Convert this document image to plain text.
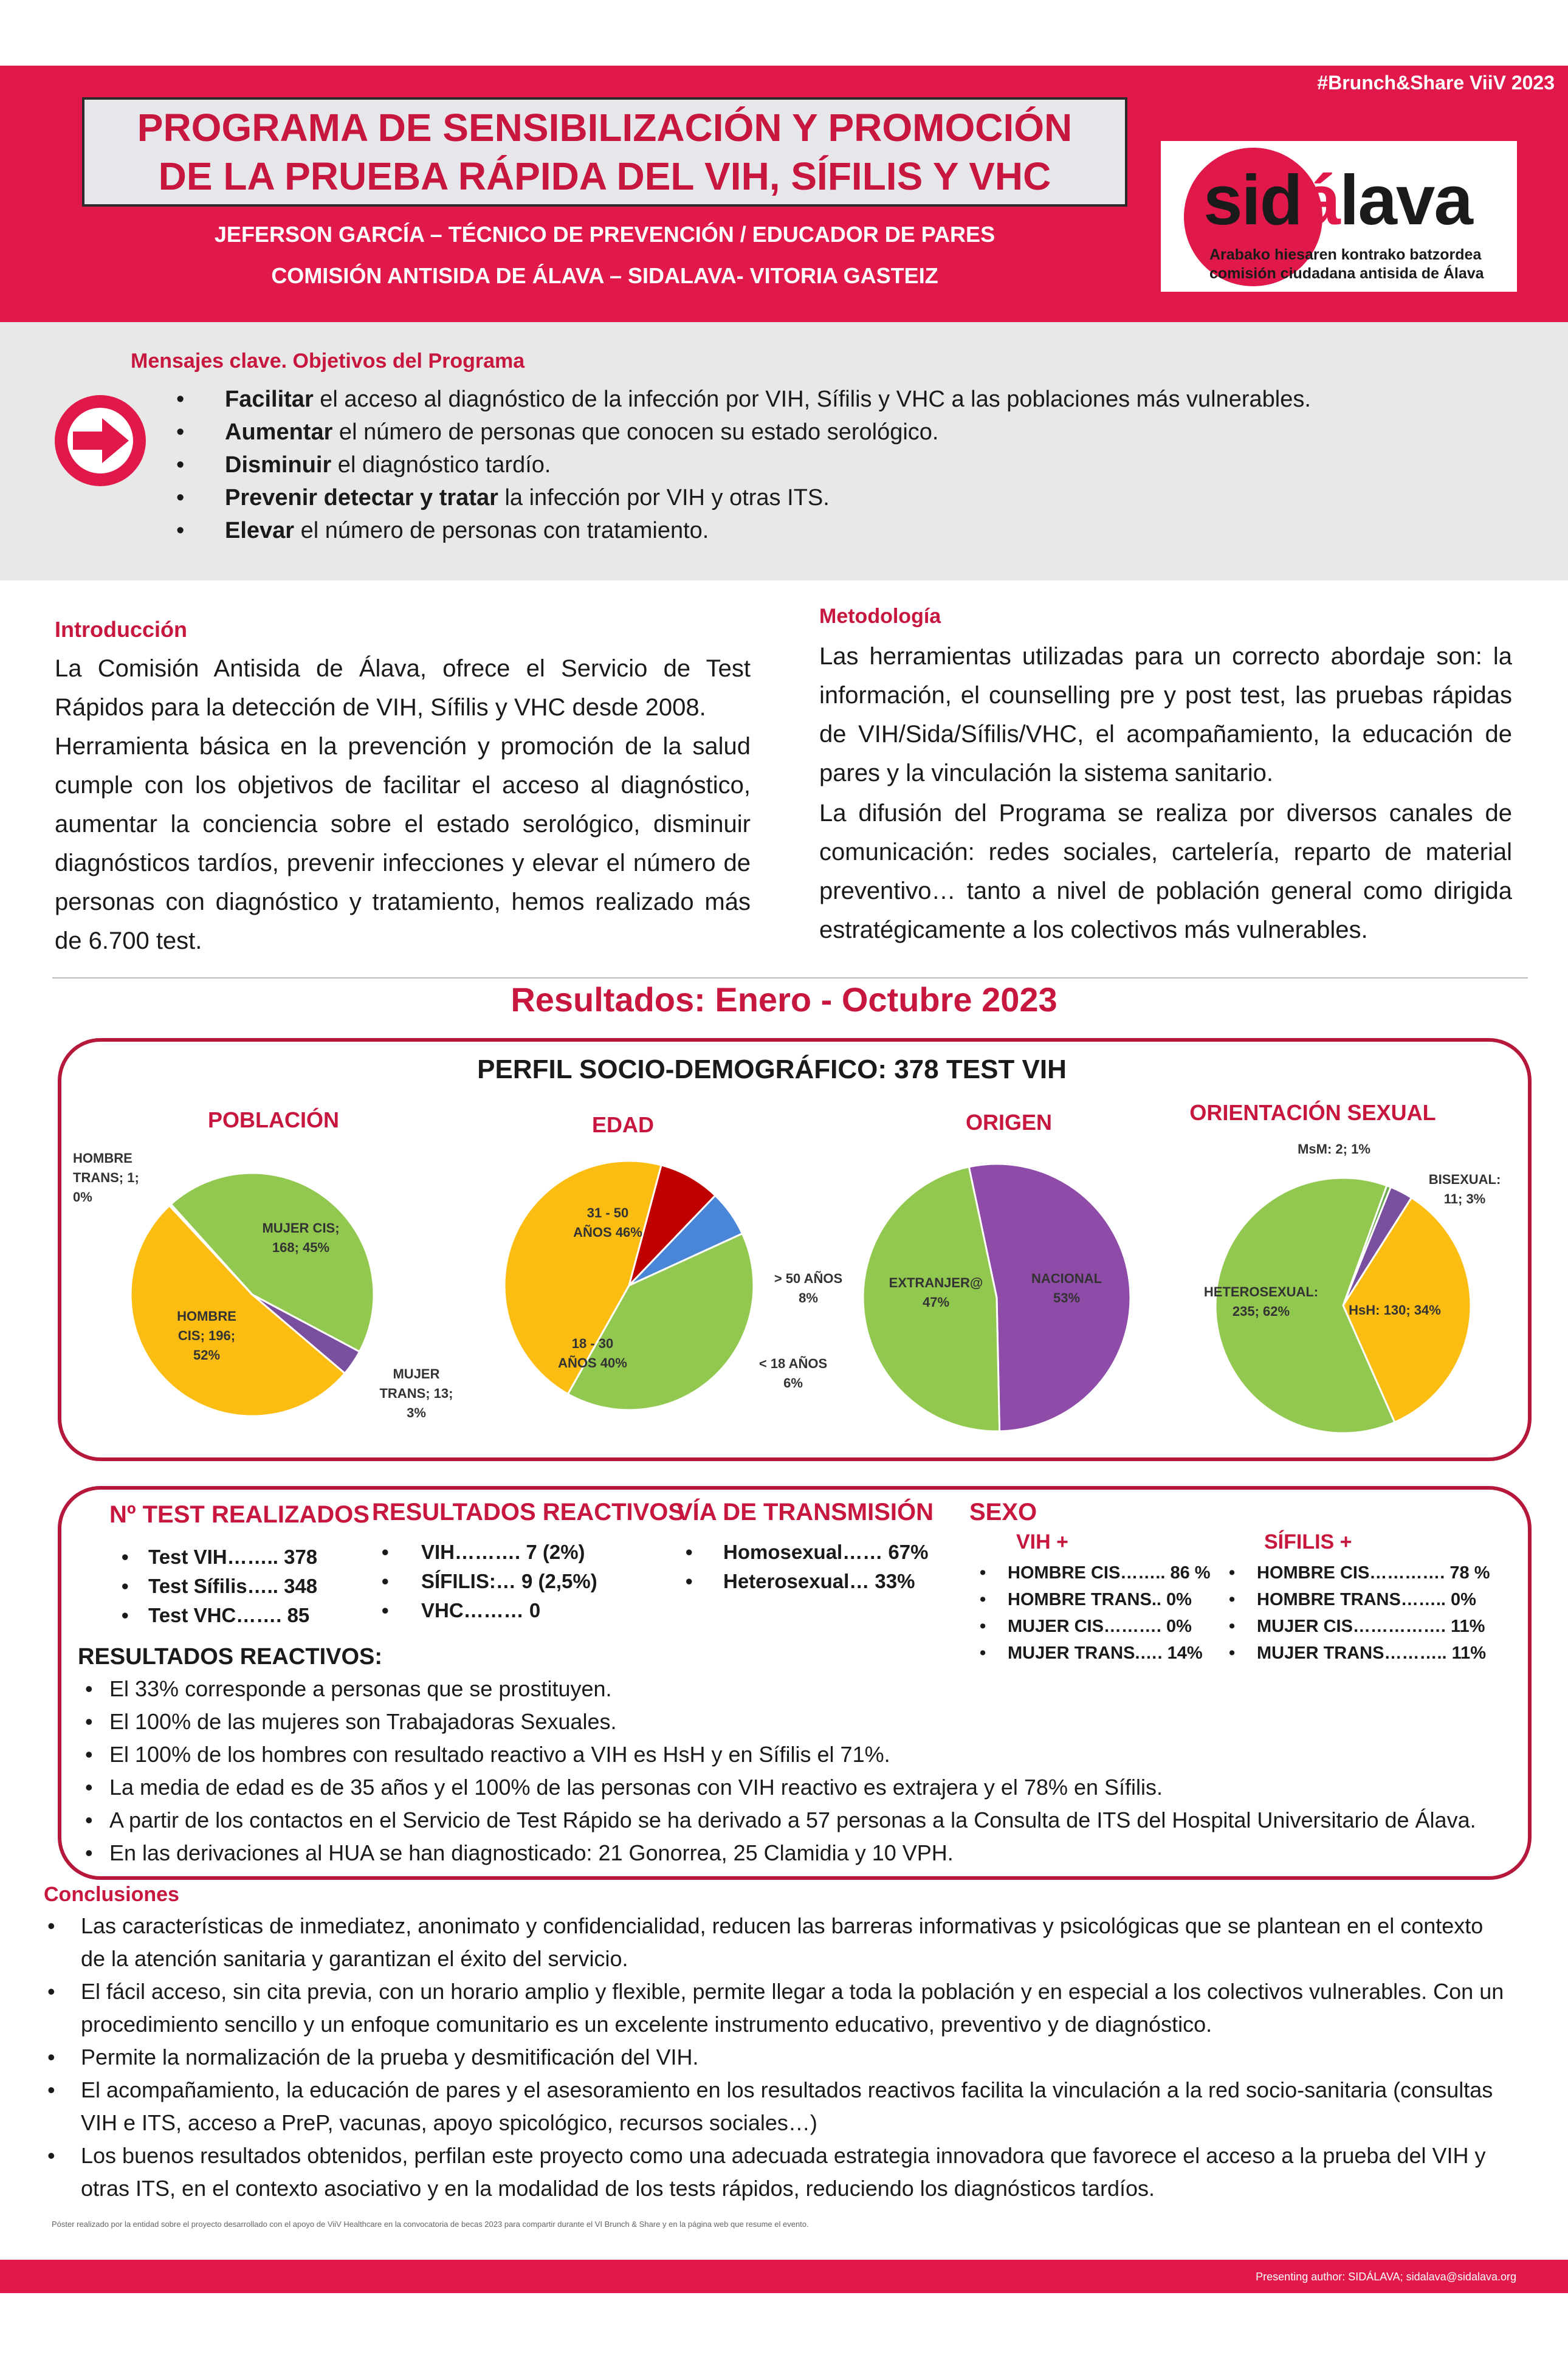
#Brunch&Share ViiV 2023
PROGRAMA DE SENSIBILIZACIÓN Y PROMOCIÓN
DE LA PRUEBA RÁPIDA DEL VIH, SÍFILIS Y VHC
JEFERSON GARCÍA – TÉCNICO DE PREVENCIÓN / EDUCADOR DE PARES
COMISIÓN ANTISIDA DE ÁLAVA – SIDALAVA- VITORIA GASTEIZ
sidálava
Arabako hiesaren kontrako batzordea
comisión ciudadana antisida de Álava
Mensajes clave. Objetivos del Programa
• Facilitar el acceso al diagnóstico de la infección por VIH, Sífilis y VHC a las poblaciones más vulnerables.
• Aumentar el número de personas que conocen su estado serológico.
• Disminuir el diagnóstico tardío.
• Prevenir detectar y tratar la infección por VIH y otras ITS.
• Elevar el número de personas con tratamiento.
Introducción
La Comisión Antisida de Álava, ofrece el Servicio de Test Rápidos para la detección de VIH, Sífilis y VHC desde 2008.
Herramienta básica en la prevención y promoción de la salud cumple con los objetivos de facilitar el acceso al diagnóstico, aumentar la conciencia sobre el estado serológico, disminuir diagnósticos tardíos, prevenir infecciones y elevar el número de personas con diagnóstico y tratamiento, hemos realizado más de 6.700 test.
Metodología
Las herramientas utilizadas para un correcto abordaje son: la información, el counselling pre y post test, las pruebas rápidas de VIH/Sida/Sífilis/VHC, el acompañamiento, la educación de pares y la vinculación la sistema sanitario.
La difusión del Programa se realiza por diversos canales de comunicación: redes sociales, cartelería, reparto de material preventivo… tanto a nivel de población general como dirigida estratégicamente a los colectivos más vulnerables.
Resultados: Enero - Octubre 2023
PERFIL SOCIO-DEMOGRÁFICO: 378 TEST VIH
POBLACIÓN	EDAD	ORIGEN	ORIENTACIÓN SEXUAL
HOMBRE TRANS; 1; 0%
MUJER CIS; 168; 45%
HOMBRE CIS; 196; 52%
MUJER TRANS; 13; 3%
31 - 50 AÑOS 46%
> 50 AÑOS 8%
< 18 AÑOS 6%
18 - 30 AÑOS 40%
EXTRANJER@ 47%
NACIONAL 53%
MsM: 2; 1%
BISEXUAL: 11; 3%
HsH: 130; 34%
HETEROSEXUAL: 235; 62%
Nº TEST REALIZADOS
• Test VIH…….. 378
• Test Sífilis….. 348
• Test VHC……. 85
RESULTADOS REACTIVOS
• VIH………. 7 (2%)
• SÍFILIS:… 9 (2,5%)
• VHC……… 0
VÍA DE TRANSMISIÓN
• Homosexual…… 67%
• Heterosexual… 33%
SEXO
VIH +
• HOMBRE CIS…….. 86 %
• HOMBRE TRANS.. 0%
• MUJER CIS………. 0%
• MUJER TRANS.…. 14%
SÍFILIS +
• HOMBRE CIS…………. 78 %
• HOMBRE TRANS…….. 0%
• MUJER CIS……………. 11%
• MUJER TRANS……….. 11%
RESULTADOS REACTIVOS:
• El 33% corresponde a personas que se prostituyen.
• El 100% de las mujeres son Trabajadoras Sexuales.
• El 100% de los hombres con resultado reactivo a VIH es HsH y en Sífilis el 71%.
• La media de edad es de 35 años y el 100% de las personas con VIH reactivo es extrajera y el 78% en Sífilis.
• A partir de los contactos en el Servicio de Test Rápido se ha derivado a 57 personas a la Consulta de ITS del Hospital Universitario de Álava.
• En las derivaciones al HUA se han diagnosticado: 21 Gonorrea, 25 Clamidia y 10 VPH.
Conclusiones
• Las características de inmediatez, anonimato y confidencialidad, reducen las barreras informativas y psicológicas que se plantean en el contexto de la atención sanitaria y garantizan el éxito del servicio.
• El fácil acceso, sin cita previa, con un horario amplio y flexible, permite llegar a toda la población y en especial a los colectivos vulnerables. Con un procedimiento sencillo y un enfoque comunitario es un excelente instrumento educativo, preventivo y de diagnóstico.
• Permite la normalización de la prueba y desmitificación del VIH.
• El acompañamiento, la educación de pares y el asesoramiento en los resultados reactivos facilita la vinculación a la red socio-sanitaria (consultas VIH e ITS, acceso a PreP, vacunas, apoyo spicológico, recursos sociales…)
• Los buenos resultados obtenidos, perfilan este proyecto como una adecuada estrategia innovadora que favorece el acceso a la prueba del VIH y otras ITS, en el contexto asociativo y en la modalidad de los tests rápidos, reduciendo los diagnósticos tardíos.
Póster realizado por la entidad sobre el proyecto desarrollado con el apoyo de ViiV Healthcare en la convocatoria de becas 2023 para compartir durante el VI Brunch & Share y en la página web que resume el evento.
Presenting author: SIDÁLAVA; sidalava@sidalava.org
